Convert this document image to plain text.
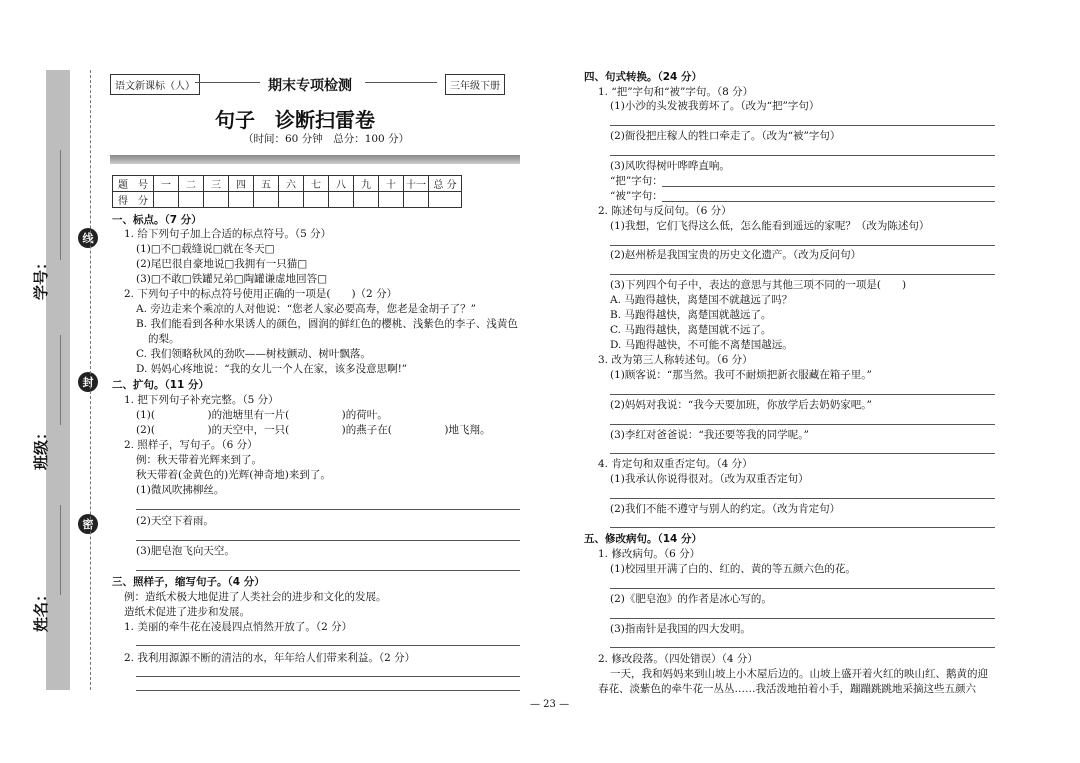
姓名：
班级：
学号：
线
封
密
语文新课标（人）	期末专项检测	三年级下册
句子　诊断扫雷卷
（时间：60 分钟　总分：100 分）
题　号	一	二	三	四	五	六	七	八	九	十	十一	总 分
得　分												
一、标点。（7 分）
1. 给下列句子加上合适的标点符号。（5 分）
(1)□不□载缝说□就在冬天□
(2)尾巴很自豪地说□我拥有一只猫□
(3)□不敢□铁罐兄弟□陶罐谦虚地回答□
2. 下列句子中的标点符号使用正确的一项是(　　)（2 分）
A. 旁边走来个乘凉的人对他说：“您老人家必要高寿，您老是金胡子了？”
B. 我们能看到各种水果诱人的颜色，圆润的鲜红色的樱桃、浅紫色的李子、浅黄色
的梨。
C. 我们领略秋风的劲吹——树枝颤动、树叶飘落。
D. 妈妈心疼地说：“我的女儿一个人在家，该多没意思啊!”
二、扩句。（11 分）
1. 把下列句子补充完整。（5 分）
(1)(　　　　　)的池塘里有一片(　　　　　)的荷叶。
(2)(　　　　　)的天空中，一只(　　　　　)的燕子在(　　　　　)地飞翔。
2. 照样子，写句子。（6 分）
例：秋天带着光辉来到了。
秋天带着(金黄色的)光辉(神奇地)来到了。
(1)微风吹拂柳丝。
(2)天空下着雨。
(3)肥皂泡飞向天空。
三、照样子，缩写句子。（4 分）
例：造纸术极大地促进了人类社会的进步和文化的发展。
造纸术促进了进步和发展。
1. 美丽的牵牛花在凌晨四点悄然开放了。（2 分）
2. 我利用源源不断的清洁的水，年年给人们带来利益。（2 分）
四、句式转换。（24 分）
1. “把”字句和“被”字句。（8 分）
(1)小沙的头发被我剪坏了。（改为“把”字句）
(2)衙役把庄稼人的牲口牵走了。（改为“被”字句）
(3)风吹得树叶哗哗直响。
“把”字句：
“被”字句：
2. 陈述句与反问句。（6 分）
(1)我想，它们飞得这么低，怎么能看到遥远的家呢？（改为陈述句）
(2)赵州桥是我国宝贵的历史文化遗产。（改为反问句）
(3)下列四个句子中，表达的意思与其他三项不同的一项是(　　)
A. 马跑得越快，离楚国不就越远了吗？
B. 马跑得越快，离楚国就越远了。
C. 马跑得越快，离楚国就不远了。
D. 马跑得越快，不可能不离楚国越远。
3. 改为第三人称转述句。（6 分）
(1)顾客说：“那当然。我可不耐烦把新衣服藏在箱子里。”
(2)妈妈对我说：“我今天要加班，你放学后去奶奶家吧。”
(3)李红对爸爸说：“我还要等我的同学呢。”
4. 肯定句和双重否定句。（4 分）
(1)我承认你说得很对。（改为双重否定句）
(2)我们不能不遵守与别人的约定。（改为肯定句）
五、修改病句。（14 分）
1. 修改病句。（6 分）
(1)校园里开满了白的、红的、黄的等五颜六色的花。
(2)《肥皂泡》的作者是冰心写的。
(3)指南针是我国的四大发明。
2. 修改段落。（四处错误）（4 分）
一天，我和妈妈来到山坡上小木屋后边的。山坡上盛开着火红的映山红、鹅黄的迎
春花、淡紫色的牵牛花一丛丛……我活泼地拍着小手，蹦蹦跳跳地采摘这些五颜六
— 23 —
